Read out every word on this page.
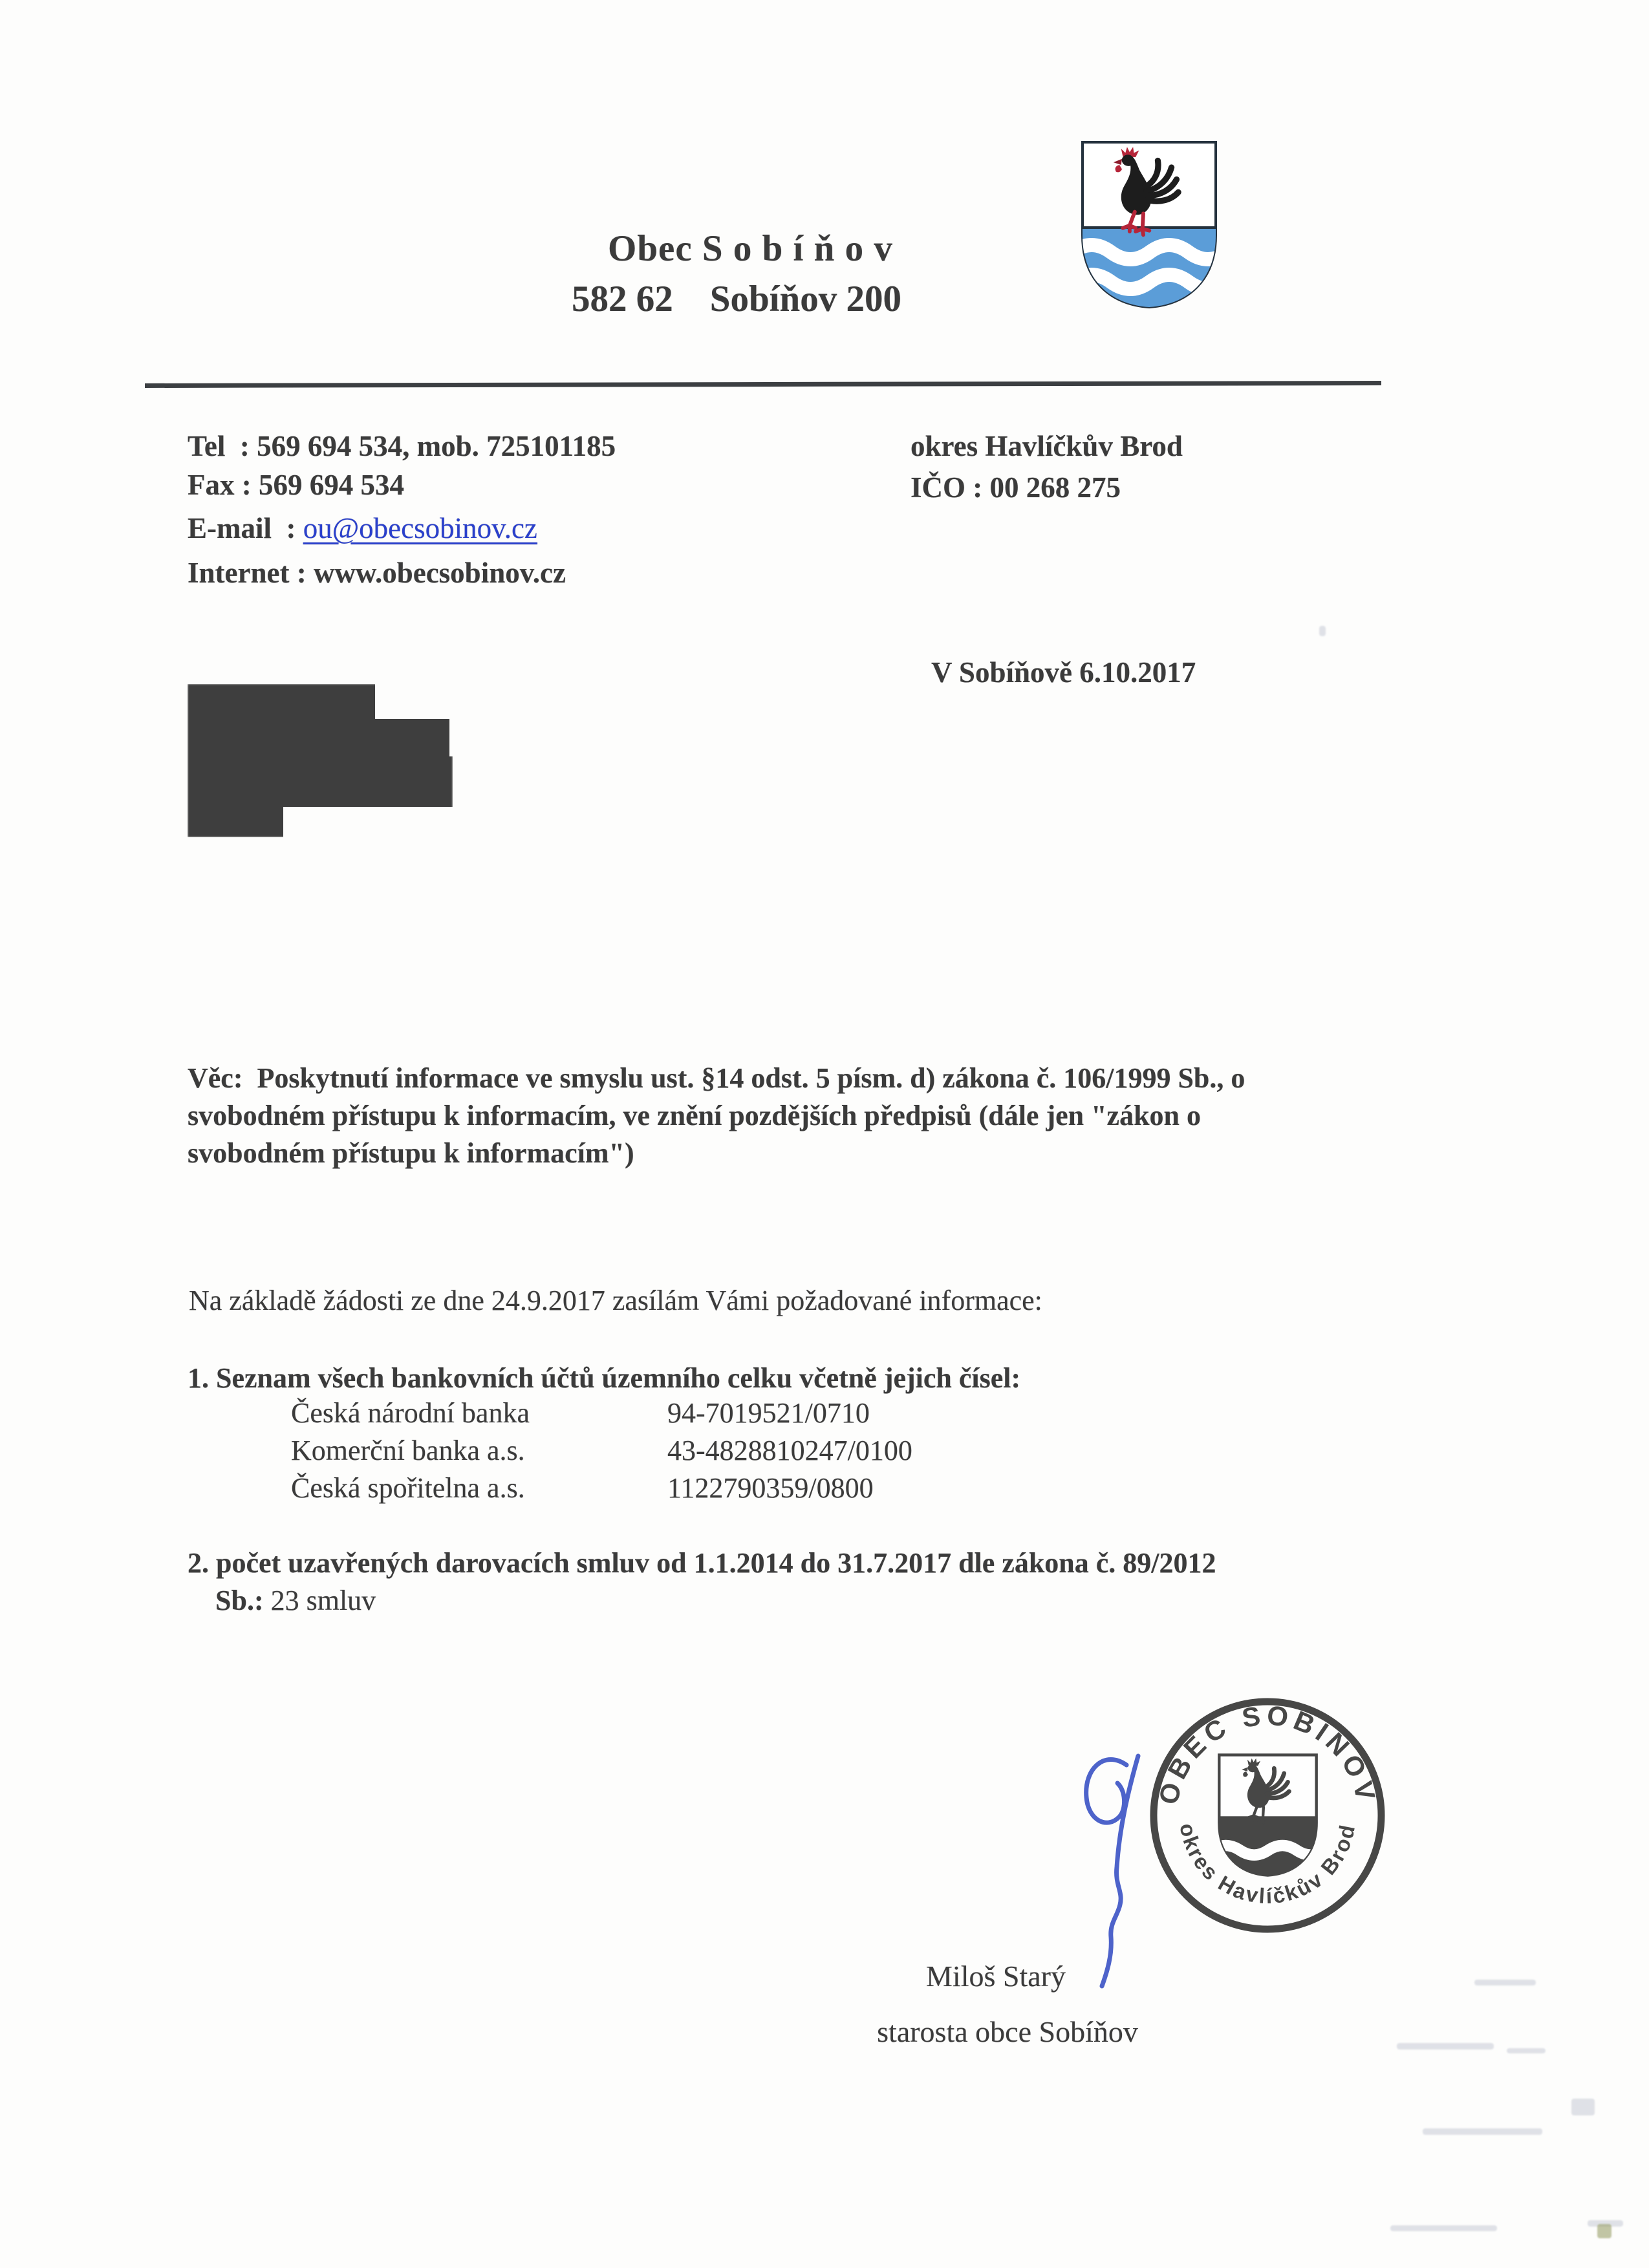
Obec S o b í ň o v
582 62    Sobíňov 200
Tel  : 569 694 534, mob. 725101185
Fax : 569 694 534
E-mail  : ou@obecsobinov.cz
Internet : www.obecsobinov.cz
okres Havlíčkův Brod
IČO : 00 268 275
V Sobíňově 6.10.2017
Věc:  Poskytnutí informace ve smyslu ust. §14 odst. 5 písm. d) zákona č. 106/1999 Sb., o
svobodném přístupu k informacím, ve znění pozdějších předpisů (dále jen "zákon o
svobodném přístupu k informacím")
Na základě žádosti ze dne 24.9.2017 zasílám Vámi požadované informace:
1. Seznam všech bankovních účtů územního celku včetně jejich čísel:
Česká národní banka	94-7019521/0710
Komerční banka a.s.	43-4828810247/0100
Česká spořitelna a.s.	1122790359/0800
2. počet uzavřených darovacích smluv od 1.1.2014 do 31.7.2017 dle zákona č. 89/2012
Sb.: 23 smluv
OBEC SOBÍŇOV
okres Havlíčkův Brod
Miloš Starý
starosta obce Sobíňov
